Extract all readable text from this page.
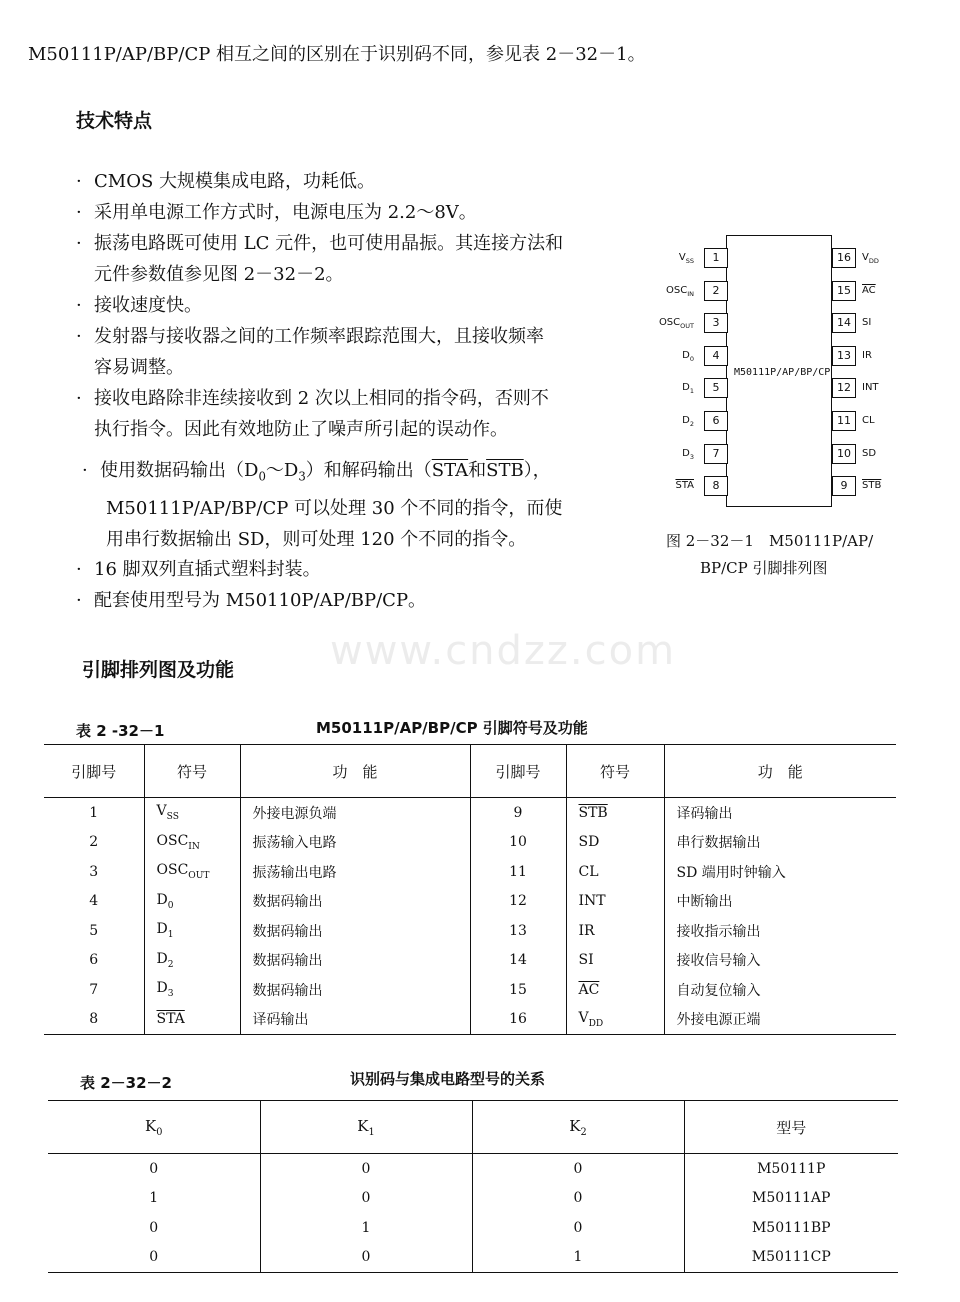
www.cndzz.com
M50111P/AP/BP/CP 相互之间的区别在于识别码不同，参见表 2－32－1。
技术特点
· CMOS 大规模集成电路，功耗低。
· 采用单电源工作方式时，电源电压为 2.2～8V。
· 振荡电路既可使用 LC 元件，也可使用晶振。其连接方法和
元件参数值参见图 2－32－2。
· 接收速度快。
· 发射器与接收器之间的工作频率跟踪范围大，且接收频率
容易调整。
· 接收电路除非连续接收到 2 次以上相同的指令码，否则不
执行指令。因此有效地防止了噪声所引起的误动作。
· 使用数据码输出$(D_0\sim D_3)$和解码输出（$\overline{STA}$和$\overline{STB}$），
M50111P/AP/BP/CP 可以处理 30 个不同的指令，而使
用串行数据输出 SD，则可处理 120 个不同的指令。
· 16 脚双列直插式塑料封装。
· 配套使用型号为 M50110P/AP/BP/CP。
M50111P/AP/BP/CP
1
$V_{SS}$
2
$OSC_{IN}$
3
$OSC_{OUT}$
4
$D_0$
5
$D_1$
6
$D_2$
7
$D_3$
8
$\overline{STA}$
16	$V_{DD}$
15	$\overline{AC}$
14	SI
13	IR
12	INT
11	CL
10	SD
9	$\overline{STB}$
图 2－32－1　M50111P/AP/
BP/CP 引脚排列图
引脚排列图及功能
表 2 -32－1	M50111P/AP/BP/CP 引脚符号及功能
引脚号	符号	功　能	引脚号	符号	功　能
1	$V_{SS}$	外接电源负端	9	$\overline{STB}$	译码输出
2	$OSC_{IN}$	振荡输入电路	10	SD	串行数据输出
3	$OSC_{OUT}$	振荡输出电路	11	CL	SD 端用时钟输入
4	$D_0$	数据码输出	12	INT	中断输出
5	$D_1$	数据码输出	13	IR	接收指示输出
6	$D_2$	数据码输出	14	SI	接收信号输入
7	$D_3$	数据码输出	15	$\overline{AC}$	自动复位输入
8	$\overline{STA}$	译码输出	16	$V_{DD}$	外接电源正端
表 2－32－2	识别码与集成电路型号的关系
$K_0$	$K_1$	$K_2$	型号
0	0	0	M50111P
1	0	0	M50111AP
0	1	0	M50111BP
0	0	1	M50111CP
